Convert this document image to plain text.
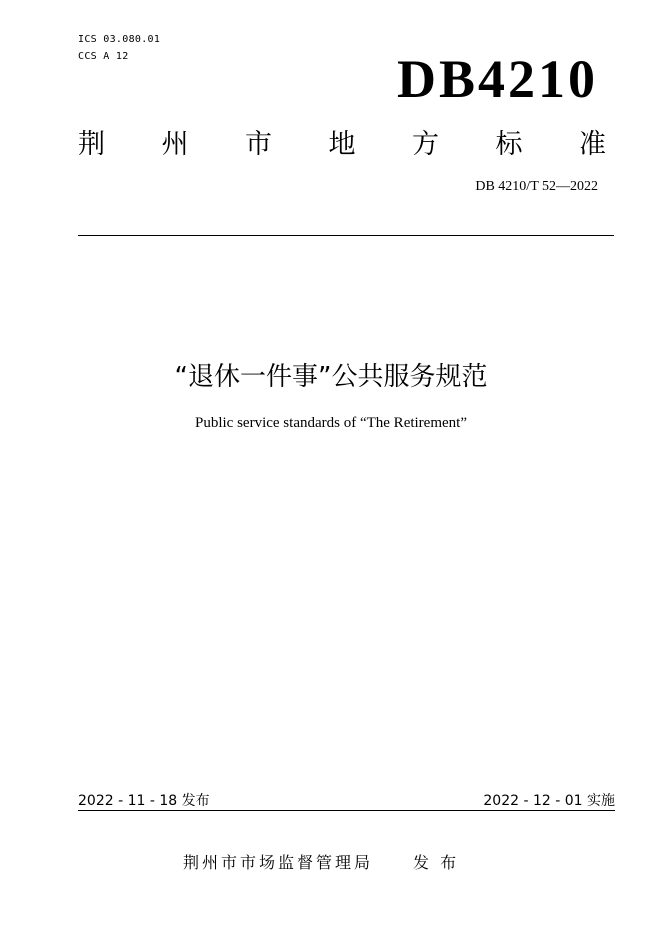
ICS 03.080.01
CCS A 12	DB4210
荆 州 市 地 方 标 准
DB 4210/T 52—2022
“退休一件事”公共服务规范
Public service standards of “The Retirement”
2022 - 11 - 18 发布	2022 - 12 - 01 实施
荆州市市场监督管理局	发 布
